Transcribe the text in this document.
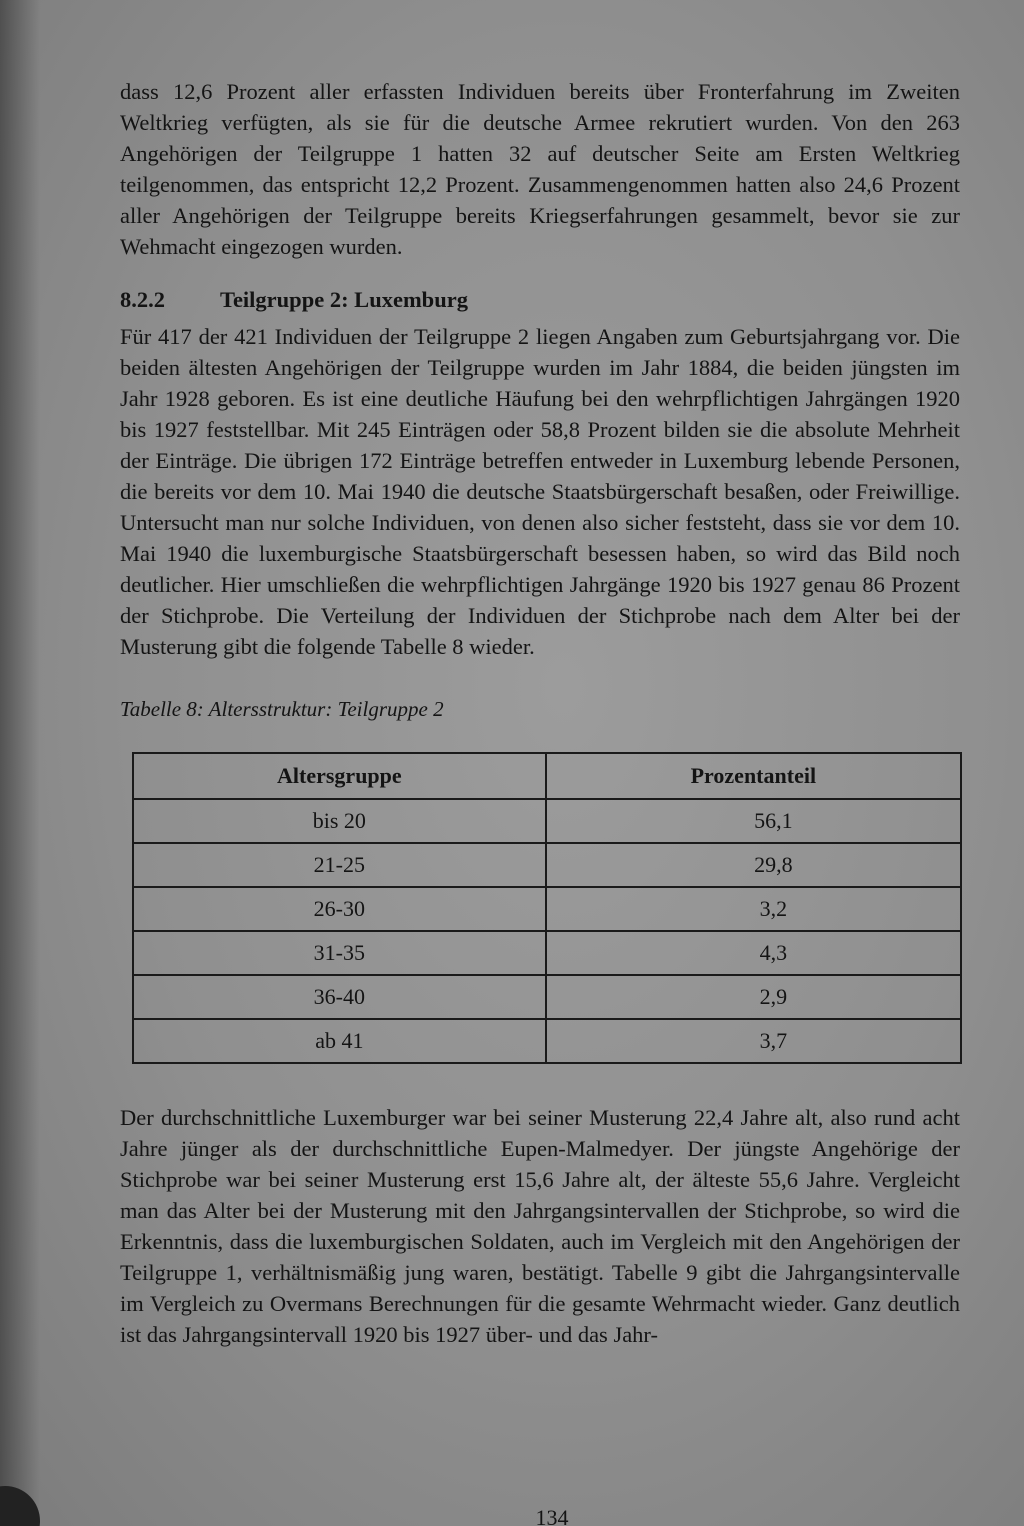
dass 12,6 Prozent aller erfassten Individuen bereits über Fronterfahrung im Zweiten Weltkrieg verfügten, als sie für die deutsche Armee rekrutiert wurden. Von den 263 Angehörigen der Teilgruppe 1 hatten 32 auf deutscher Seite am Ersten Weltkrieg teilgenommen, das entspricht 12,2 Prozent. Zusammengenommen hatten also 24,6 Prozent aller Angehörigen der Teilgruppe bereits Kriegserfahrungen gesammelt, bevor sie zur Wehmacht eingezogen wurden.

8.2.2 Teilgruppe 2: Luxemburg

Für 417 der 421 Individuen der Teilgruppe 2 liegen Angaben zum Geburtsjahrgang vor. Die beiden ältesten Angehörigen der Teilgruppe wurden im Jahr 1884, die beiden jüngsten im Jahr 1928 geboren. Es ist eine deutliche Häufung bei den wehrpflichtigen Jahrgängen 1920 bis 1927 feststellbar. Mit 245 Einträgen oder 58,8 Prozent bilden sie die absolute Mehrheit der Einträge. Die übrigen 172 Einträge betreffen entweder in Luxemburg lebende Personen, die bereits vor dem 10. Mai 1940 die deutsche Staatsbürgerschaft besaßen, oder Freiwillige. Untersucht man nur solche Individuen, von denen also sicher feststeht, dass sie vor dem 10. Mai 1940 die luxemburgische Staatsbürgerschaft besessen haben, so wird das Bild noch deutlicher. Hier umschließen die wehrpflichtigen Jahrgänge 1920 bis 1927 genau 86 Prozent der Stichprobe. Die Verteilung der Individuen der Stichprobe nach dem Alter bei der Musterung gibt die folgende Tabelle 8 wieder.

Tabelle 8: Altersstruktur: Teilgruppe 2
Altersgruppe	Prozentanteil
bis 20	56,1
21-25	29,8
26-30	3,2
31-35	4,3
36-40	2,9
ab 41	3,7

Der durchschnittliche Luxemburger war bei seiner Musterung 22,4 Jahre alt, also rund acht Jahre jünger als der durchschnittliche Eupen-Malmedyer. Der jüngste Angehörige der Stichprobe war bei seiner Musterung erst 15,6 Jahre alt, der älteste 55,6 Jahre. Vergleicht man das Alter bei der Musterung mit den Jahrgangsintervallen der Stichprobe, so wird die Erkenntnis, dass die luxemburgischen Soldaten, auch im Vergleich mit den Angehörigen der Teilgruppe 1, verhältnismäßig jung waren, bestätigt. Tabelle 9 gibt die Jahrgangsintervalle im Vergleich zu Overmans Berechnungen für die gesamte Wehrmacht wieder. Ganz deutlich ist das Jahrgangsintervall 1920 bis 1927 über- und das Jahr-

134
